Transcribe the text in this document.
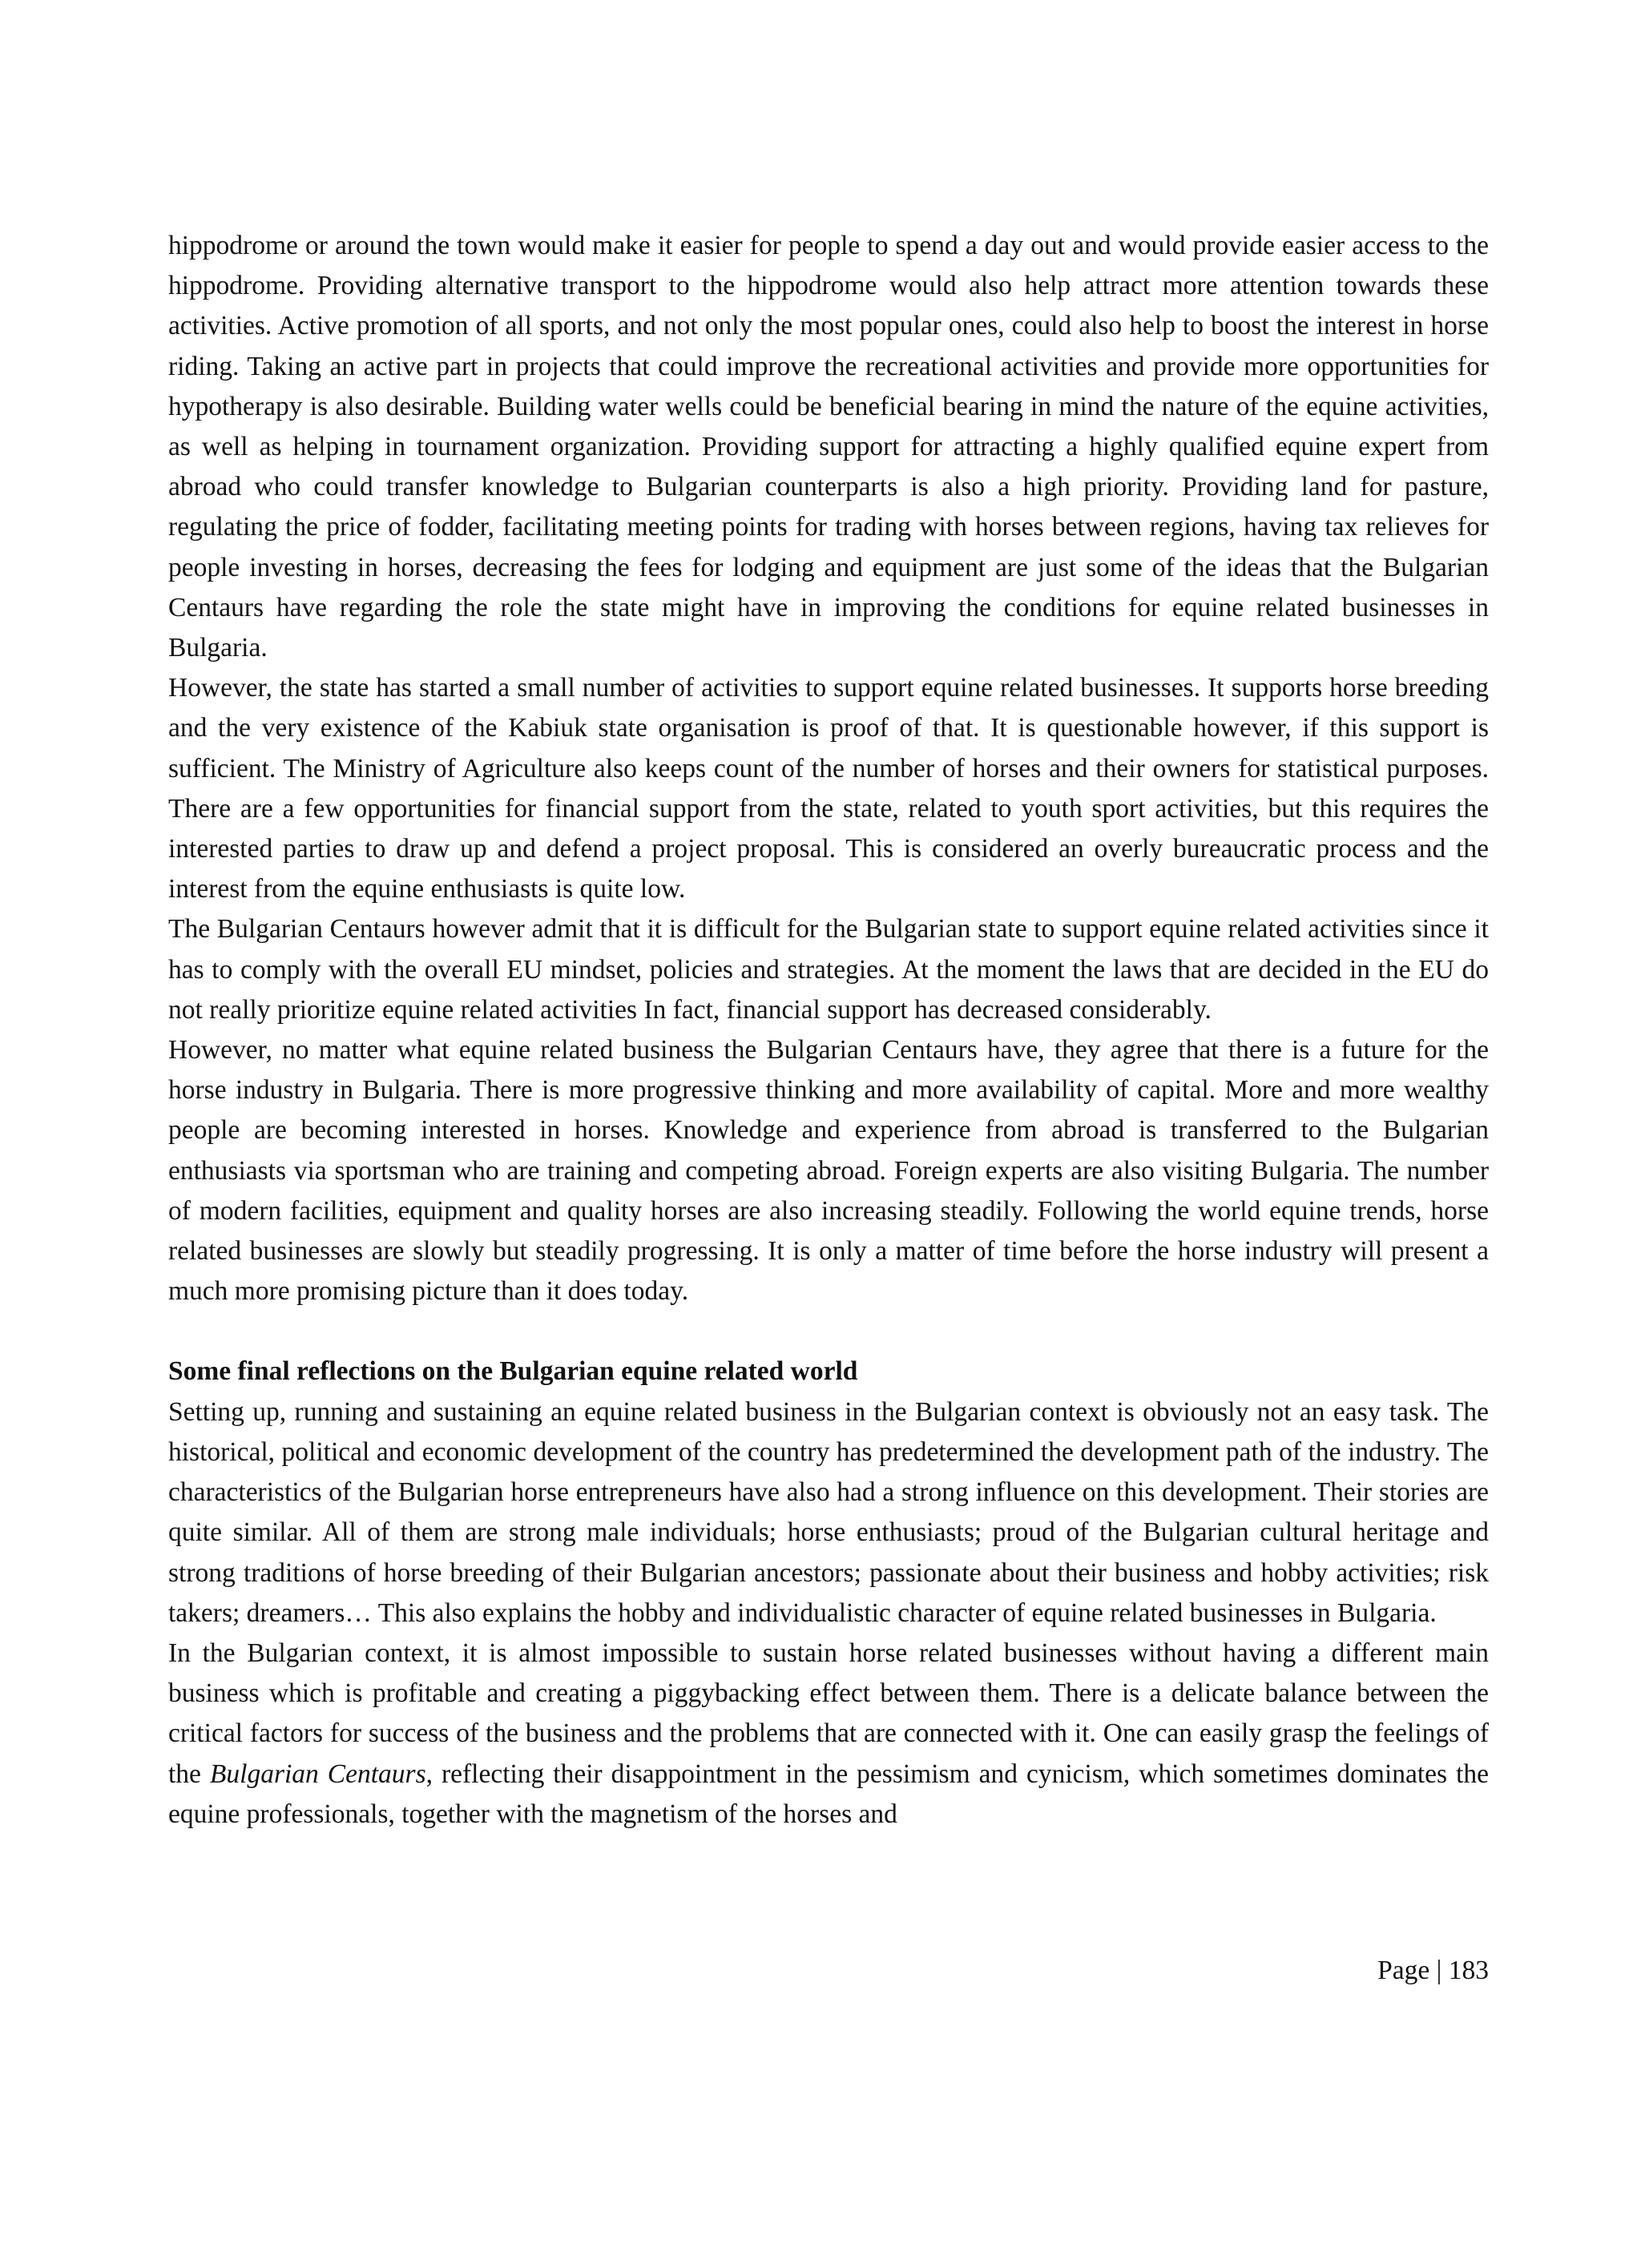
hippodrome or around the town would make it easier for people to spend a day out and would provide easier access to the hippodrome. Providing alternative transport to the hippodrome would also help attract more attention towards these activities. Active promotion of all sports, and not only the most popular ones, could also help to boost the interest in horse riding. Taking an active part in projects that could improve the recreational activities and provide more opportunities for hypotherapy is also desirable. Building water wells could be beneficial bearing in mind the nature of the equine activities, as well as helping in tournament organization. Providing support for attracting a highly qualified equine expert from abroad who could transfer knowledge to Bulgarian counterparts is also a high priority. Providing land for pasture, regulating the price of fodder, facilitating meeting points for trading with horses between regions, having tax relieves for people investing in horses, decreasing the fees for lodging and equipment are just some of the ideas that the Bulgarian Centaurs have regarding the role the state might have in improving the conditions for equine related businesses in Bulgaria.

However, the state has started a small number of activities to support equine related businesses. It supports horse breeding and the very existence of the Kabiuk state organisation is proof of that. It is questionable however, if this support is sufficient. The Ministry of Agriculture also keeps count of the number of horses and their owners for statistical purposes. There are a few opportunities for financial support from the state, related to youth sport activities, but this requires the interested parties to draw up and defend a project proposal. This is considered an overly bureaucratic process and the interest from the equine enthusiasts is quite low.

The Bulgarian Centaurs however admit that it is difficult for the Bulgarian state to support equine related activities since it has to comply with the overall EU mindset, policies and strategies. At the moment the laws that are decided in the EU do not really prioritize equine related activities In fact, financial support has decreased considerably.

However, no matter what equine related business the Bulgarian Centaurs have, they agree that there is a future for the horse industry in Bulgaria. There is more progressive thinking and more availability of capital. More and more wealthy people are becoming interested in horses. Knowledge and experience from abroad is transferred to the Bulgarian enthusiasts via sportsman who are training and competing abroad. Foreign experts are also visiting Bulgaria. The number of modern facilities, equipment and quality horses are also increasing steadily. Following the world equine trends, horse related businesses are slowly but steadily progressing. It is only a matter of time before the horse industry will present a much more promising picture than it does today.

Some final reflections on the Bulgarian equine related world

Setting up, running and sustaining an equine related business in the Bulgarian context is obviously not an easy task. The historical, political and economic development of the country has predetermined the development path of the industry. The characteristics of the Bulgarian horse entrepreneurs have also had a strong influence on this development. Their stories are quite similar. All of them are strong male individuals; horse enthusiasts; proud of the Bulgarian cultural heritage and strong traditions of horse breeding of their Bulgarian ancestors; passionate about their business and hobby activities; risk takers; dreamers… This also explains the hobby and individualistic character of equine related businesses in Bulgaria.

In the Bulgarian context, it is almost impossible to sustain horse related businesses without having a different main business which is profitable and creating a piggybacking effect between them. There is a delicate balance between the critical factors for success of the business and the problems that are connected with it. One can easily grasp the feelings of the Bulgarian Centaurs, reflecting their disappointment in the pessimism and cynicism, which sometimes dominates the equine professionals, together with the magnetism of the horses and

Page | 183
